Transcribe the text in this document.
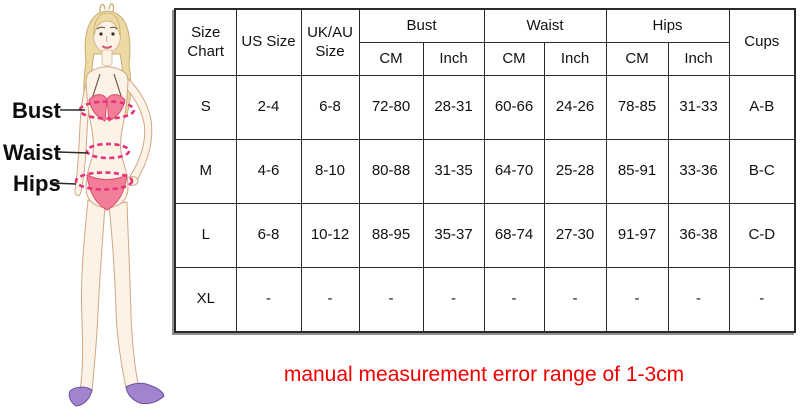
Bust
Waist
Hips
Size Chart	US Size	UK/AU Size	Bust		Waist		Hips		Cups
			CM	Inch	CM	Inch	CM	Inch	
S	2-4	6-8	72-80	28-31	60-66	24-26	78-85	31-33	A-B
M	4-6	8-10	80-88	31-35	64-70	25-28	85-91	33-36	B-C
L	6-8	10-12	88-95	35-37	68-74	27-30	91-97	36-38	C-D
XL	-	-	-	-	-	-	-	-	-
manual measurement error range of 1-3cm
